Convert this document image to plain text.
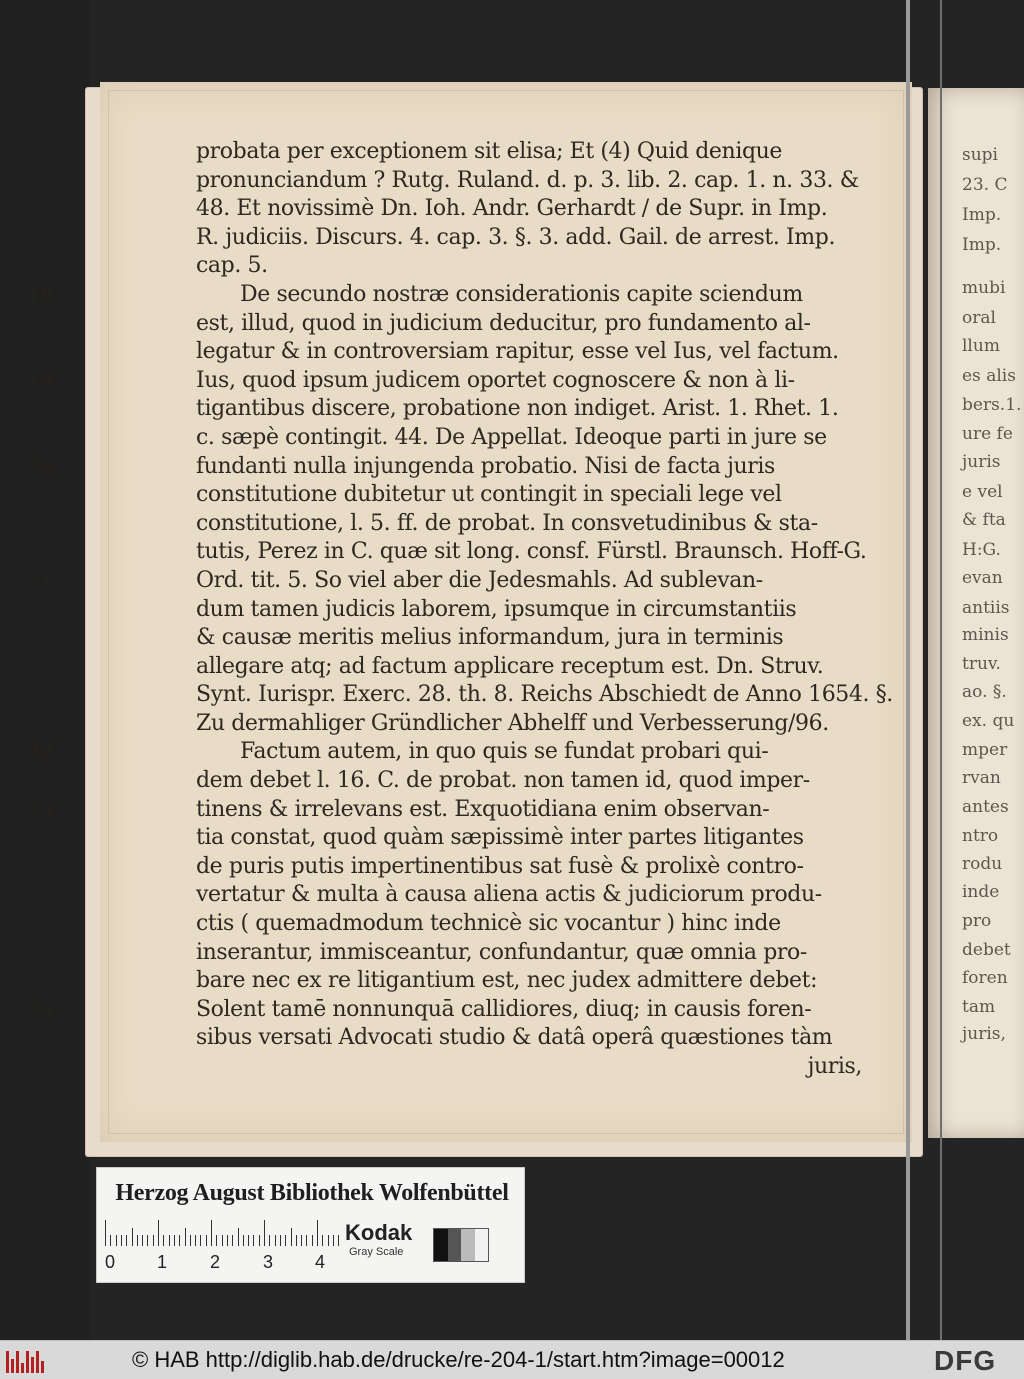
supi
23. C
Imp.
Imp.
mubi
oral
llum
es alis
bers.1.
ure fe
juris
e vel
& fta
H:G.
evan
antiis
minis
truv.
ao. §.
ex. qu
mper
rvan
antes
ntro
rodu
inde
pro
debet
foren
tam
juris,
probata per exceptionem sit elisa; Et (4) Quid denique
pronunciandum ? Rutg. Ruland. d. p. 3. lib. 2. cap. 1. n. 33. &
48. Et novissimè Dn. Ioh. Andr. Gerhardt / de Supr. in Imp.
R. judiciis. Discurs. 4. cap. 3. §. 3. add. Gail. de arrest. Imp.
cap. 5.
18.	De secundo nostræ considerationis capite sciendum
est, illud, quod in judicium deducitur, pro fundamento al-
legatur & in controversiam rapitur, esse vel Ius, vel factum.
19.	Ius, quod ipsum judicem oportet cognoscere & non à li-
tigantibus discere, probatione non indiget. Arist. 1. Rhet. 1.
c. sæpè contingit. 44. De Appellat. Ideoque parti in jure se
20.	fundanti nulla injungenda probatio. Nisi de facta juris
constitutione dubitetur ut contingit in speciali lege vel
constitutione, l. 5. ff. de probat. In consvetudinibus & sta-
tutis, Perez in C. quæ sit long. consf. Fürstl. Braunsch. Hoff-G.
21.	Ord. tit. 5. So viel aber die Jedesmahls. Ad sublevan-
dum tamen judicis laborem, ipsumque in circumstantiis
& causæ meritis melius informandum, jura in terminis
allegare atq; ad factum applicare receptum est. Dn. Struv.
Synt. Iurispr. Exerc. 28. th. 8. Reichs Abschiedt de Anno 1654. §.
Zu dermahliger Gründlicher Abhelff und Verbesserung/96.
22.	Factum autem, in quo quis se fundat probari qui-
dem debet l. 16. C. de probat. non tamen id, quod imper-
23.	tinens & irrelevans est. Exquotidiana enim observan-
tia constat, quod quàm sæpissimè inter partes litigantes
de puris putis impertinentibus sat fusè & prolixè contro-
vertatur & multa à causa aliena actis & judiciorum produ-
ctis ( quemadmodum technicè sic vocantur ) hinc inde
inserantur, immisceantur, confundantur, quæ omnia pro-
bare nec ex re litigantium est, nec judex admittere debet:
24.	Solent tamē nonnunquā callidiores, diuq; in causis foren-
sibus versati Advocati studio & datâ operâ quæstiones tàm
juris,
Herzog August Bibliothek Wolfenbüttel
0 1 2 3 4
Kodak
Gray Scale
© HAB http://diglib.hab.de/drucke/re-204-1/start.htm?image=00012	DFG
